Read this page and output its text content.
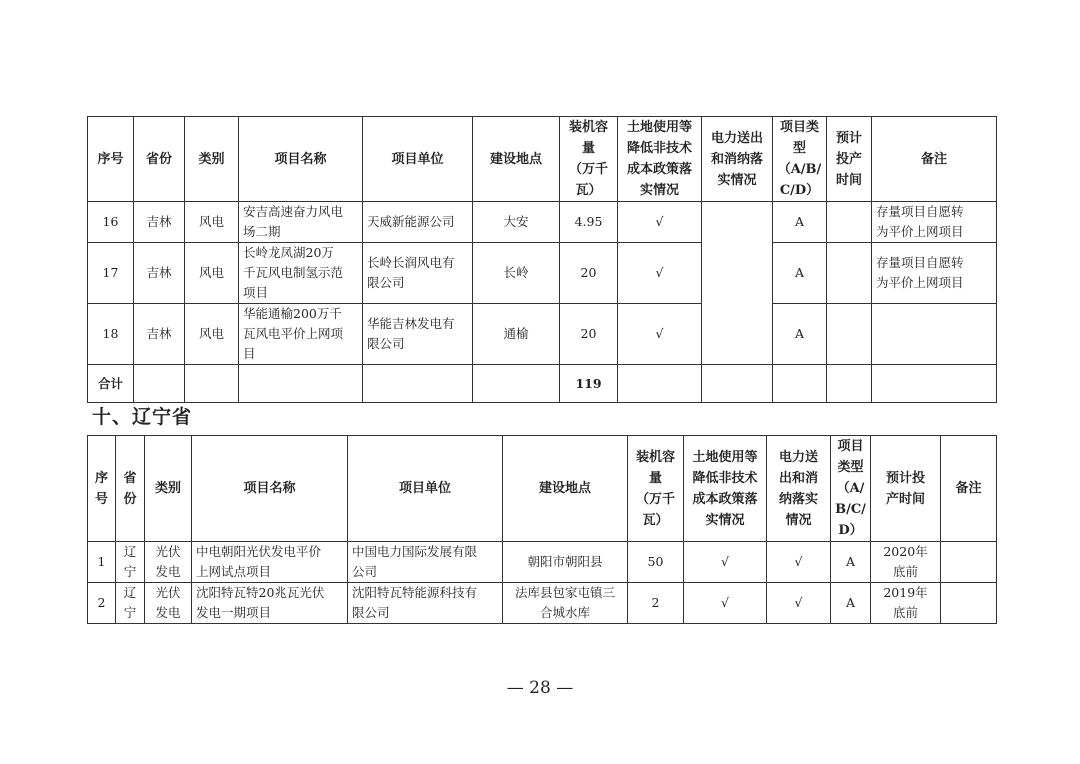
序号	省份	类别	项目名称	项目单位	建设地点	装机容
量
（万千
瓦）	土地使用等
降低非技术
成本政策落
实情况	电力送出
和消纳落
实情况	项目类
型
（A/B/
C/D）	预计
投产
时间	备注
16	吉林	风电	安吉高速奋力风电
场二期	天威新能源公司	大安	4.95	√		A		存量项目自愿转
为平价上网项目
17	吉林	风电	长岭龙凤湖20万
千瓦风电制氢示范
项目	长岭长润风电有
限公司	长岭	20	√		A		存量项目自愿转
为平价上网项目
18	吉林	风电	华能通榆200万千
瓦风电平价上网项
目	华能吉林发电有
限公司	通榆	20	√		A		
合计						119					
十、辽宁省
序
号	省
份	类别	项目名称	项目单位	建设地点	装机容
量
（万千
瓦）	土地使用等
降低非技术
成本政策落
实情况	电力送
出和消
纳落实
情况	项目
类型
（A/
B/C/
D）	预计投
产时间	备注
1	辽
宁	光伏
发电	中电朝阳光伏发电平价
上网试点项目	中国电力国际发展有限
公司	朝阳市朝阳县	50	√	√	A	2020年
底前	
2	辽
宁	光伏
发电	沈阳特瓦特20兆瓦光伏
发电一期项目	沈阳特瓦特能源科技有
限公司	法库县包家屯镇三
合城水库	2	√	√	A	2019年
底前	
— 28 —
